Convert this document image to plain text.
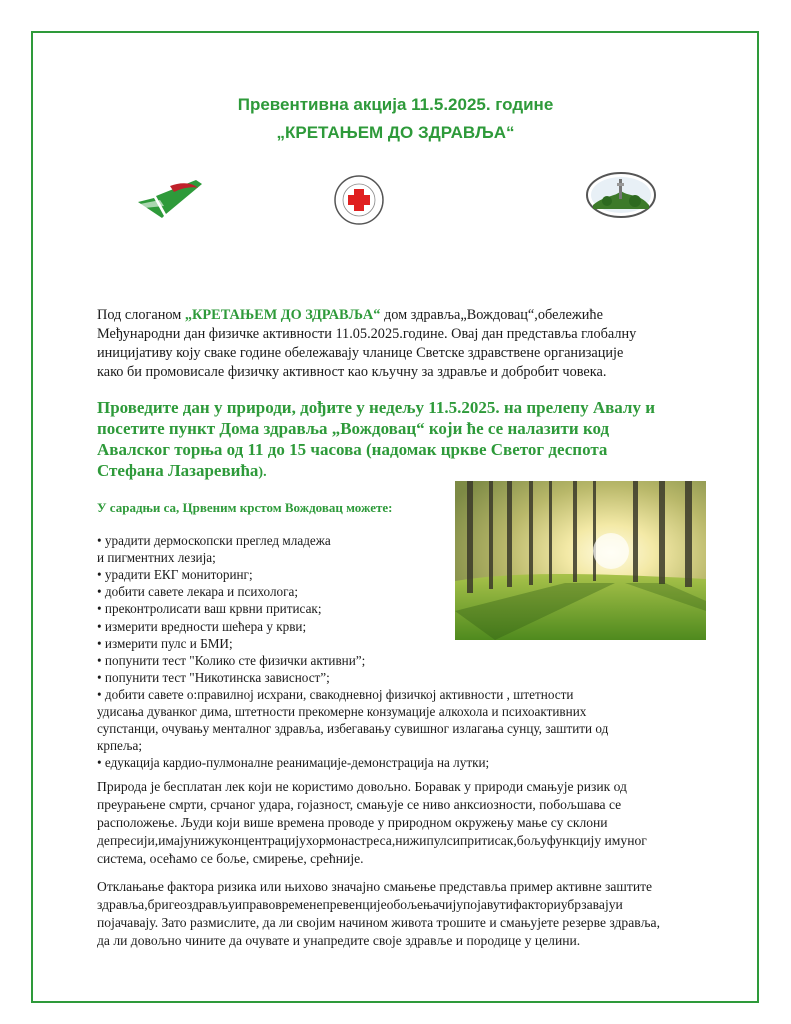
Превентивна акција 11.5.2025. године
„КРЕТАЊЕМ ДО ЗДРАВЉА“
Под слоганом „КРЕТАЊЕМ ДО ЗДРАВЉА“ дом здравља„Вождовац“,обележиће
Међународни дан физичке активности 11.05.2025.године. Овај дан представља глобалну
иницијативу коју сваке године обележавају чланице Светске здравствене организације
како би промовисале физичку активност као кључну за здравље и добробит човека.
Проведите дан у природи, дођите у недељу 11.5.2025. на прелепу Авалу и
посетите пункт Дома здравља „Вождовац“ који ће се налазити код
Авалског торња од 11 до 15 часова (надомак цркве Светог деспота
Стефана Лазаревића).
У сарадњи са, Црвеним крстом Вождовац можете:
• урадити дермоскопски преглед младежа
и пигментних лезија;
• урадити ЕКГ мониторинг;
• добити савете лекара и психолога;
• преконтролисати ваш крвни притисак;
• измерити вредности шећера у крви;
• измерити пулс и БМИ;
• попунити тест "Колико сте физички активни”;
• попунити тест "Никотинска зависност”;
• добити савете о:правилној исхрани, свакодневној физичкој активности , штетности
удисања дуванког дима, штетности прекомерне конзумације алкохола и психоактивних
супстанци, очувању менталног здравља, избегавању сувишног излагања сунцу, заштити од
крпеља;
• едукација кардио-пулмоналне реанимације-демонстрација на лутки;
Природа је бесплатан лек који не користимо довољно. Боравак у природи смањује ризик од
преурањене смрти, срчаног удара, гојазност, смањује се ниво анксиозности, побољшава се
расположење. Људи који више времена проводе у природном окружењу мање су склони
депресији,имајунижуконцентрацијухормонастреса,нижипулсипритисак,бољуфункцију имуног
система, осећамо се боље, смирење, срећније.
Отклањање фактора ризика или њихово значајно смањење представља пример активне заштите
здравља,бригеоздрављуиправовременепревенцијеобољењачијупојавутифакториубрзавајуи
појачавају. Зато размислите, да ли својим начином живота трошите и смањујете резерве здравља,
да ли довољно чините да очувате и унапредите своје здравље и породице у целини.
